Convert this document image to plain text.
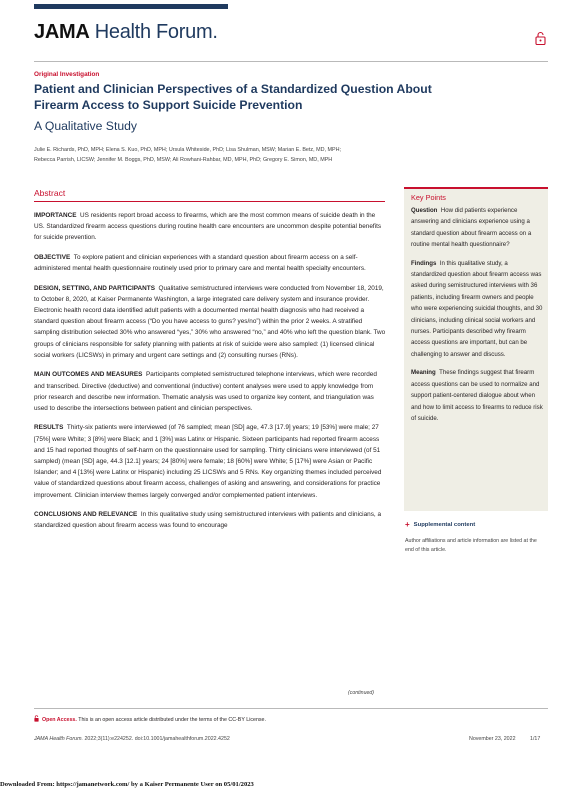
JAMA Health Forum.
Original Investigation
Patient and Clinician Perspectives of a Standardized Question About Firearm Access to Support Suicide Prevention
A Qualitative Study
Julie E. Richards, PhD, MPH; Elena S. Kuo, PhD, MPH; Ursula Whiteside, PhD; Lisa Shulman, MSW; Marian E. Betz, MD, MPH;
Rebecca Parrish, LICSW; Jennifer M. Boggs, PhD, MSW; Ali Rowhani-Rahbar, MD, MPH, PhD; Gregory E. Simon, MD, MPH
Abstract

IMPORTANCE US residents report broad access to firearms, which are the most common means of suicide death in the US. Standardized firearm access questions during routine health care encounters are uncommon despite potential benefits for suicide prevention.

OBJECTIVE To explore patient and clinician experiences with a standard question about firearm access on a self-administered mental health questionnaire routinely used prior to primary care and mental health specialty encounters.

DESIGN, SETTING, AND PARTICIPANTS Qualitative semistructured interviews were conducted from November 18, 2019, to October 8, 2020, at Kaiser Permanente Washington, a large integrated care delivery system and insurance provider. Electronic health record data identified adult patients with a documented mental health diagnosis who had received a standard question about firearm access (“Do you have access to guns? yes/no”) within the prior 2 weeks. A stratified sampling distribution selected 30% who answered “yes,” 30% who answered “no,” and 40% who left the question blank. Two groups of clinicians responsible for safety planning with patients at risk of suicide were also sampled: (1) licensed clinical social workers (LICSWs) in primary and urgent care settings and (2) consulting nurses (RNs).

MAIN OUTCOMES AND MEASURES Participants completed semistructured telephone interviews, which were recorded and transcribed. Directive (deductive) and conventional (inductive) content analyses were used to apply knowledge from prior research and describe new information. Thematic analysis was used to organize key content, and triangulation was used to describe the intersections between patient and clinician perspectives.

RESULTS Thirty-six patients were interviewed (of 76 sampled; mean [SD] age, 47.3 [17.9] years; 19 [53%] were male; 27 [75%] were White; 3 [8%] were Black; and 1 [3%] was Latinx or Hispanic. Sixteen participants had reported firearm access and 15 had reported thoughts of self-harm on the questionnaire used for sampling. Thirty clinicians were interviewed (of 51 sampled) (mean [SD] age, 44.3 [12.1] years; 24 [80%] were female; 18 [60%] were White; 5 [17%] were Asian or Pacific Islander; and 4 [13%] were Latinx or Hispanic) including 25 LICSWs and 5 RNs. Key organizing themes included perceived value of standardized questions about firearm access, challenges of asking and answering, and considerations for practice improvement. Clinician interview themes largely converged and/or complemented patient interviews.

CONCLUSIONS AND RELEVANCE In this qualitative study using semistructured interviews with patients and clinicians, a standardized question about firearm access was found to encourage

(continued)
Key Points

Question How did patients experience answering and clinicians experience using a standard question about firearm access on a routine mental health questionnaire?

Findings In this qualitative study, a standardized question about firearm access was asked during semistructured interviews with 36 patients, including firearm owners and people who were experiencing suicidal thoughts, and 30 clinicians, including clinical social workers and nurses. Participants described why firearm access questions are important, but can be challenging to answer and discuss.

Meaning These findings suggest that firearm access questions can be used to normalize and support patient-centered dialogue about when and how to limit access to firearms to reduce risk of suicide.

+ Supplemental content
Author affiliations and article information are listed at the end of this article.
Open Access. This is an open access article distributed under the terms of the CC-BY License.
JAMA Health Forum. 2022;3(11):e224252. doi:10.1001/jamahealthforum.2022.4252	November 23, 2022	1/17
Downloaded From: https://jamanetwork.com/ by a Kaiser Permanente User on 05/01/2023
